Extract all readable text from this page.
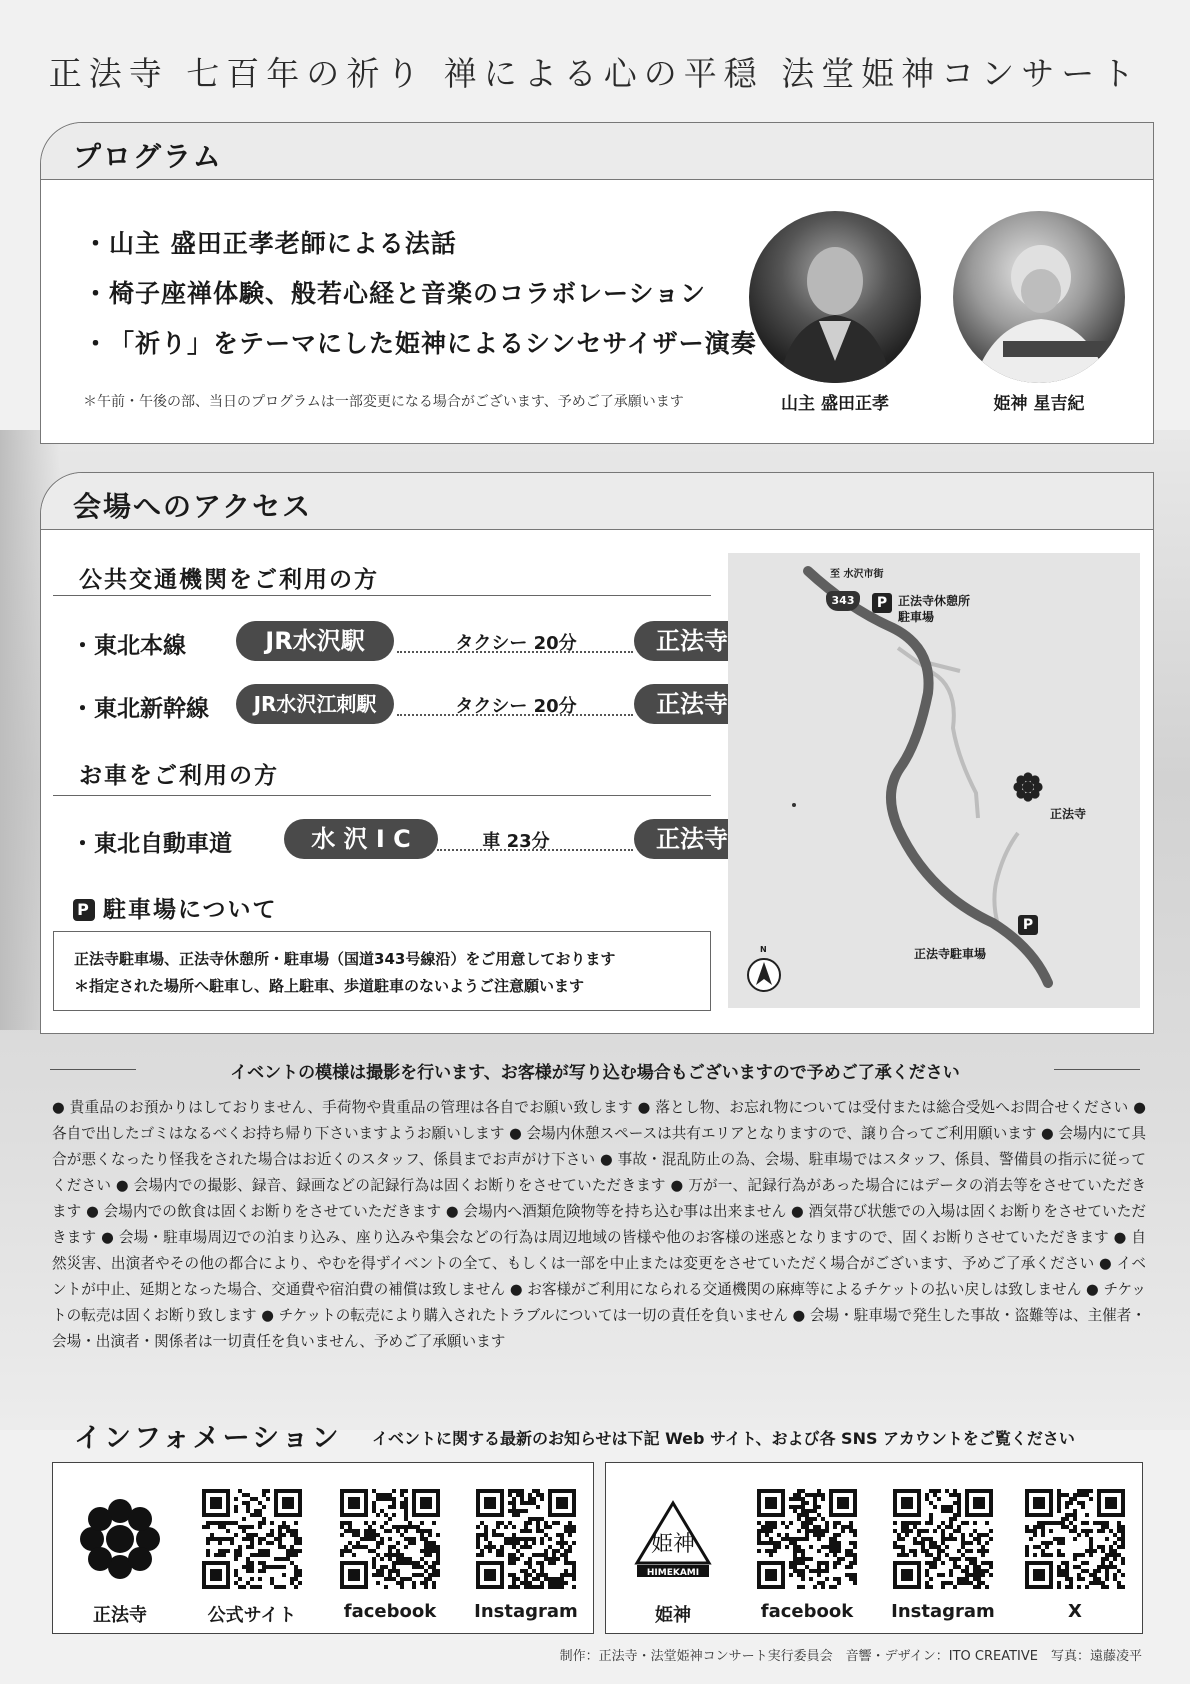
正法寺 七百年の祈り 禅による心の平穏 法堂姫神コンサート
プログラム
・山主 盛田正孝老師による法話
・椅子座禅体験、般若心経と音楽のコラボレーション
・「祈り」をテーマにした姫神によるシンセサイザー演奏
＊午前・午後の部、当日のプログラムは一部変更になる場合がございます、予めご了承願います	山主 盛田正孝	姫神 星吉紀
会場へのアクセス
公共交通機関をご利用の方
・東北本線	JR水沢駅	タクシー 20分	正法寺
・東北新幹線	JR水沢江刺駅	タクシー 20分	正法寺
お車をご利用の方
・東北自動車道	水 沢 I C	車 23分	正法寺
P 駐車場について
正法寺駐車場、正法寺休憩所・駐車場（国道343号線沿）をご用意しております
＊指定された場所へ駐車し、路上駐車、歩道駐車のないようご注意願います
至 水沢市街
343	P 正法寺休憩所
駐車場
正法寺
P
正法寺駐車場
N
イベントの模様は撮影を行います、お客様が写り込む場合もございますので予めご了承ください
● 貴重品のお預かりはしておりません、手荷物や貴重品の管理は各自でお願い致します ● 落とし物、お忘れ物については受付または総合受処へお問合せください ● 各自で出したゴミはなるべくお持ち帰り下さいますようお願いします ● 会場内休憩スペースは共有エリアとなりますので、譲り合ってご利用願います ● 会場内にて具合が悪くなったり怪我をされた場合はお近くのスタッフ、係員までお声がけ下さい ● 事故・混乱防止の為、会場、駐車場ではスタッフ、係員、警備員の指示に従ってください ● 会場内での撮影、録音、録画などの記録行為は固くお断りをさせていただきます ● 万が一、記録行為があった場合にはデータの消去等をさせていただきます ● 会場内での飲食は固くお断りをさせていただきます ● 会場内へ酒類危険物等を持ち込む事は出来ません ● 酒気帯び状態での入場は固くお断りをさせていただきます ● 会場・駐車場周辺での泊まり込み、座り込みや集会などの行為は周辺地域の皆様や他のお客様の迷惑となりますので、固くお断りさせていただきます ● 自然災害、出演者やその他の都合により、やむを得ずイベントの全て、もしくは一部を中止または変更をさせていただく場合がございます、予めご了承ください ● イベントが中止、延期となった場合、交通費や宿泊費の補償は致しません ● お客様がご利用になられる交通機関の麻痺等によるチケットの払い戻しは致しません ● チケットの転売は固くお断り致します ● チケットの転売により購入されたトラブルについては一切の責任を負いません ● 会場・駐車場で発生した事故・盗難等は、主催者・会場・出演者・関係者は一切責任を負いません、予めご了承願います
インフォメーション イベントに関する最新のお知らせは下記 Web サイト、および各 SNS アカウントをご覧ください
正法寺	公式サイト	facebook	Instagram
姫神
HIMEKAMI
姫神	facebook	Instagram	X
制作：正法寺・法堂姫神コンサート実行委員会　音響・デザイン：ITO CREATIVE　写真：遠藤凌平
